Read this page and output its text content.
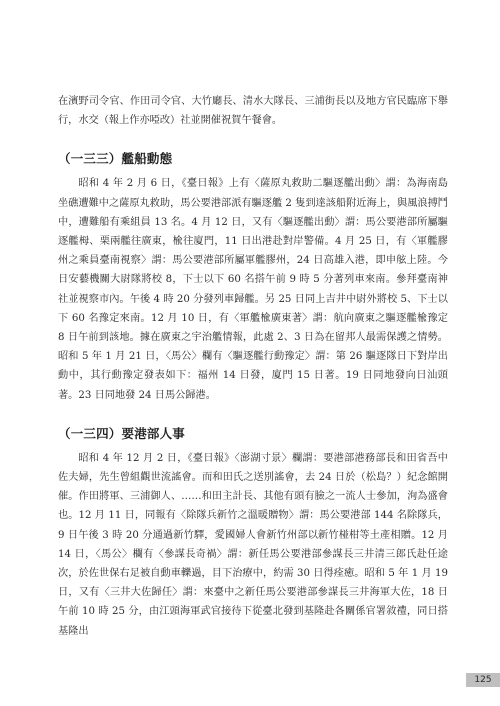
在濱野司令官、作田司令官、大竹廳長、清水大隊長、三浦街長以及地方官民臨席下舉行，水交（報上作亦啞改）社並開催祝賀午餐會。

（一三三）艦船動態

昭和 4 年 2 月 6 日，《臺日報》上有〈薩原丸救助二驅逐艦出動〉謂：為海南島坐礁遭難中之薩原丸救助，馬公要港部派有驅逐艦 2 隻到達該船附近海上，與風浪搏鬥中，遭難船有乘組員 13 名。4 月 12 日，又有〈驅逐艦出動〉謂：馬公要港部所屬驅逐艦栂、栗兩艦往廣東，楡往廈門，11 日出港赴對岸警備。4 月 25 日，有〈軍艦膠州之乘員臺南視察〉謂：馬公要港部所屬軍艦膠州，24 日高雄入港，即申舷上陸。今日安藝機關大尉隊將校 8，下士以下 60 名搭午前 9 時 5 分著列車來南。參拜臺南神社並視察市內。午後 4 時 20 分發列車歸艦。另 25 日同上吉井中尉外將校 5、下士以下 60 名豫定來南。12 月 10 日，有〈軍艦楡廣東著〉謂：航向廣東之驅逐艦楡豫定 8 日午前到該地。據在廣東之宇治艦情報，此處 2、3 日為在留邦人最需保護之情勢。昭和 5 年 1 月 21 日，〈馬公〉欄有〈驅逐艦行動豫定〉謂：第 26 驅逐隊日下對岸出動中，其行動豫定發表如下：福州 14 日發，廈門 15 日著。19 日同地發向日汕頭著。23 日同地發 24 日馬公歸港。

（一三四）要港部人事

昭和 4 年 12 月 2 日，《臺日報》〈澎湖寸景〉欄謂：要港部港務部長和田省吾中佐夫婦，先生曾組觀世流謠會。而和田氏之送別謠會，去 24 日於（松島？）紀念館開催。作田將軍、三浦御人、……和田主計長、其他有頭有臉之一流人士參加，洵為盛會也。12 月 11 日，同報有〈除隊兵新竹之溫暖贈物〉謂：馬公要港部 144 名除隊兵，9 日午後 3 時 20 分通過新竹驛，愛國婦人會新竹州部以新竹椪柑等土產相贈。12 月 14 日，〈馬公〉欄有〈參謀長奇禍〉謂：新任馬公要港部參謀長三井清三郎氏赴任途次，於佐世保右足被自動車轢過，目下治療中，約需 30 日得痊癒。昭和 5 年 1 月 19 日，又有〈三井大佐歸任〉謂：來臺中之新任馬公要港部參謀長三井海軍大佐，18 日午前 10 時 25 分，由江頭海軍武官接待下從臺北發到基隆赴各關係官署敘禮，同日搭基隆出

125
